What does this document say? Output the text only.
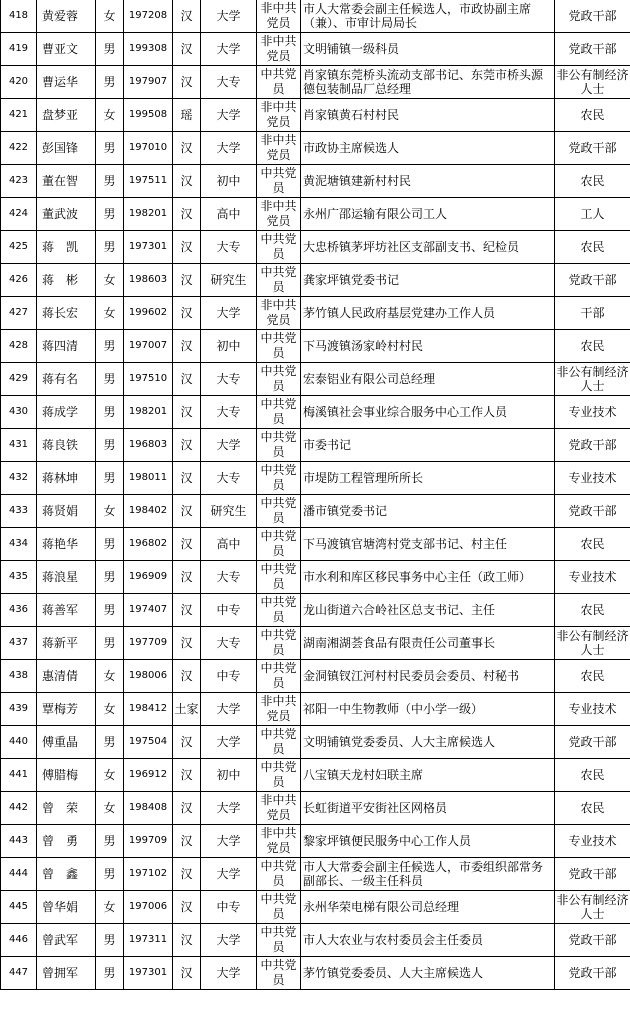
418	黄爱蓉	女	197208	汉	大学	非中共党员	市人大常委会副主任候选人，市政协副主席（兼）、市审计局局长	党政干部
419	曹亚文	男	199308	汉	大学	非中共党员	文明铺镇一级科员	党政干部
420	曹运华	男	197907	汉	大专	中共党员	肖家镇东莞桥头流动支部书记、东莞市桥头源德包装制品厂总经理	非公有制经济人士
421	盘梦亚	女	199508	瑶	大学	非中共党员	肖家镇黄石村村民	农民
422	彭国锋	男	197010	汉	大学	非中共党员	市政协主席候选人	党政干部
423	董在智	男	197511	汉	初中	中共党员	黄泥塘镇建新村村民	农民
424	董武波	男	198201	汉	高中	非中共党员	永州广邵运输有限公司工人	工人
425	蒋　凯	男	197301	汉	大专	中共党员	大忠桥镇茅坪坊社区支部副支书、纪检员	农民
426	蒋　彬	女	198603	汉	研究生	中共党员	龚家坪镇党委书记	党政干部
427	蒋长宏	女	199602	汉	大学	非中共党员	茅竹镇人民政府基层党建办工作人员	干部
428	蒋四清	男	197007	汉	初中	中共党员	下马渡镇汤家岭村村民	农民
429	蒋有名	男	197510	汉	大专	中共党员	宏泰铝业有限公司总经理	非公有制经济人士
430	蒋成学	男	198201	汉	大专	中共党员	梅溪镇社会事业综合服务中心工作人员	专业技术
431	蒋良铁	男	196803	汉	大学	中共党员	市委书记	党政干部
432	蒋林坤	男	198011	汉	大专	中共党员	市堤防工程管理所所长	专业技术
433	蒋贤娟	女	198402	汉	研究生	中共党员	潘市镇党委书记	党政干部
434	蒋艳华	男	196802	汉	高中	中共党员	下马渡镇官塘湾村党支部书记、村主任	农民
435	蒋浪星	男	196909	汉	大专	中共党员	市水利和库区移民事务中心主任（政工师）	专业技术
436	蒋善军	男	197407	汉	中专	中共党员	龙山街道六合岭社区总支书记、主任	农民
437	蒋新平	男	197709	汉	大专	中共党员	湖南湘湖荟食品有限责任公司董事长	非公有制经济人士
438	惠清倩	女	198006	汉	中专	中共党员	金洞镇钗江河村村民委员会委员、村秘书	农民
439	覃梅芳	女	198412	土家	大学	非中共党员	祁阳一中生物教师（中小学一级）	专业技术
440	傅重晶	男	197504	汉	大学	中共党员	文明铺镇党委委员、人大主席候选人	党政干部
441	傅腊梅	女	196912	汉	初中	中共党员	八宝镇天龙村妇联主席	农民
442	曾　荣	女	198408	汉	大学	非中共党员	长虹街道平安街社区网格员	农民
443	曾　勇	男	199709	汉	大学	非中共党员	黎家坪镇便民服务中心工作人员	专业技术
444	曾　鑫	男	197102	汉	大学	中共党员	市人大常委会副主任候选人，市委组织部常务副部长、一级主任科员	党政干部
445	曾华娟	女	197006	汉	中专	中共党员	永州华荣电梯有限公司总经理	非公有制经济人士
446	曾武军	男	197311	汉	大学	中共党员	市人大农业与农村委员会主任委员	党政干部
447	曾拥军	男	197301	汉	大学	中共党员	茅竹镇党委委员、人大主席候选人	党政干部
